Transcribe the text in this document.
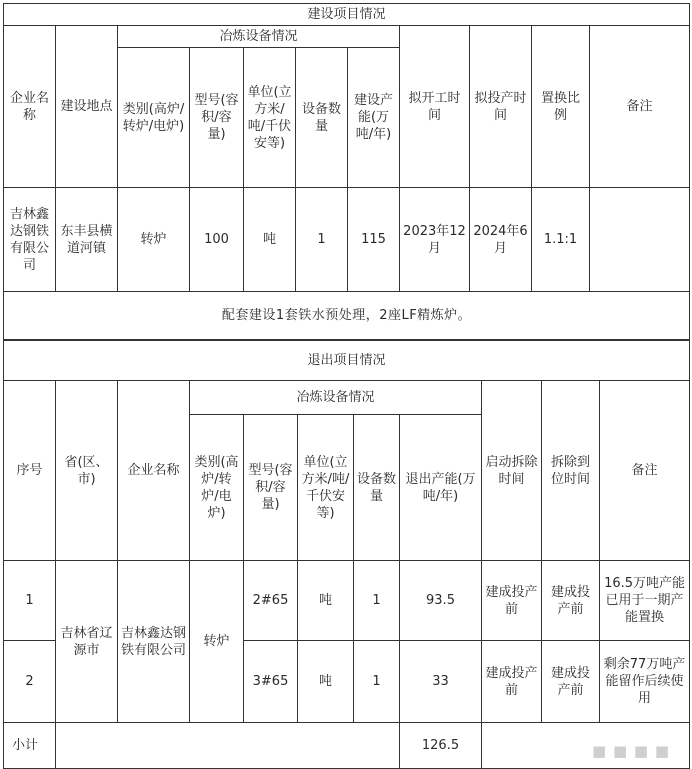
建设项目情况										
企业名称	建设地点	冶炼设备情况					拟开工时间	拟投产时间	置换比例	备注
		类别(高炉/转炉/电炉)	型号(容积/容量)	单位(立方米/吨/千伏安等)	设备数量	建设产能(万吨/年)				
吉林鑫达钢铁有限公司	东丰县横道河镇	转炉	100	吨	1	115	2023年12月	2024年6月	1.1:1	
配套建设1套铁水预处理，2座LF精炼炉。										
退出项目情况										
序号	省(区、市)	企业名称	冶炼设备情况					启动拆除时间	拆除到位时间	备注
			类别(高炉/转炉/电炉)	型号(容积/容量)	单位(立方米/吨/千伏安等)	设备数量	退出产能(万吨/年)			
1	吉林省辽源市	吉林鑫达钢铁有限公司	转炉	2#65	吨	1	93.5	建成投产前	建成投产前	16.5万吨产能已用于一期产能置换
2				3#65	吨	1	33	建成投产前	建成投产前	剩余77万吨产能留作后续使用
小计							126.5				■ ■ ■ ■
